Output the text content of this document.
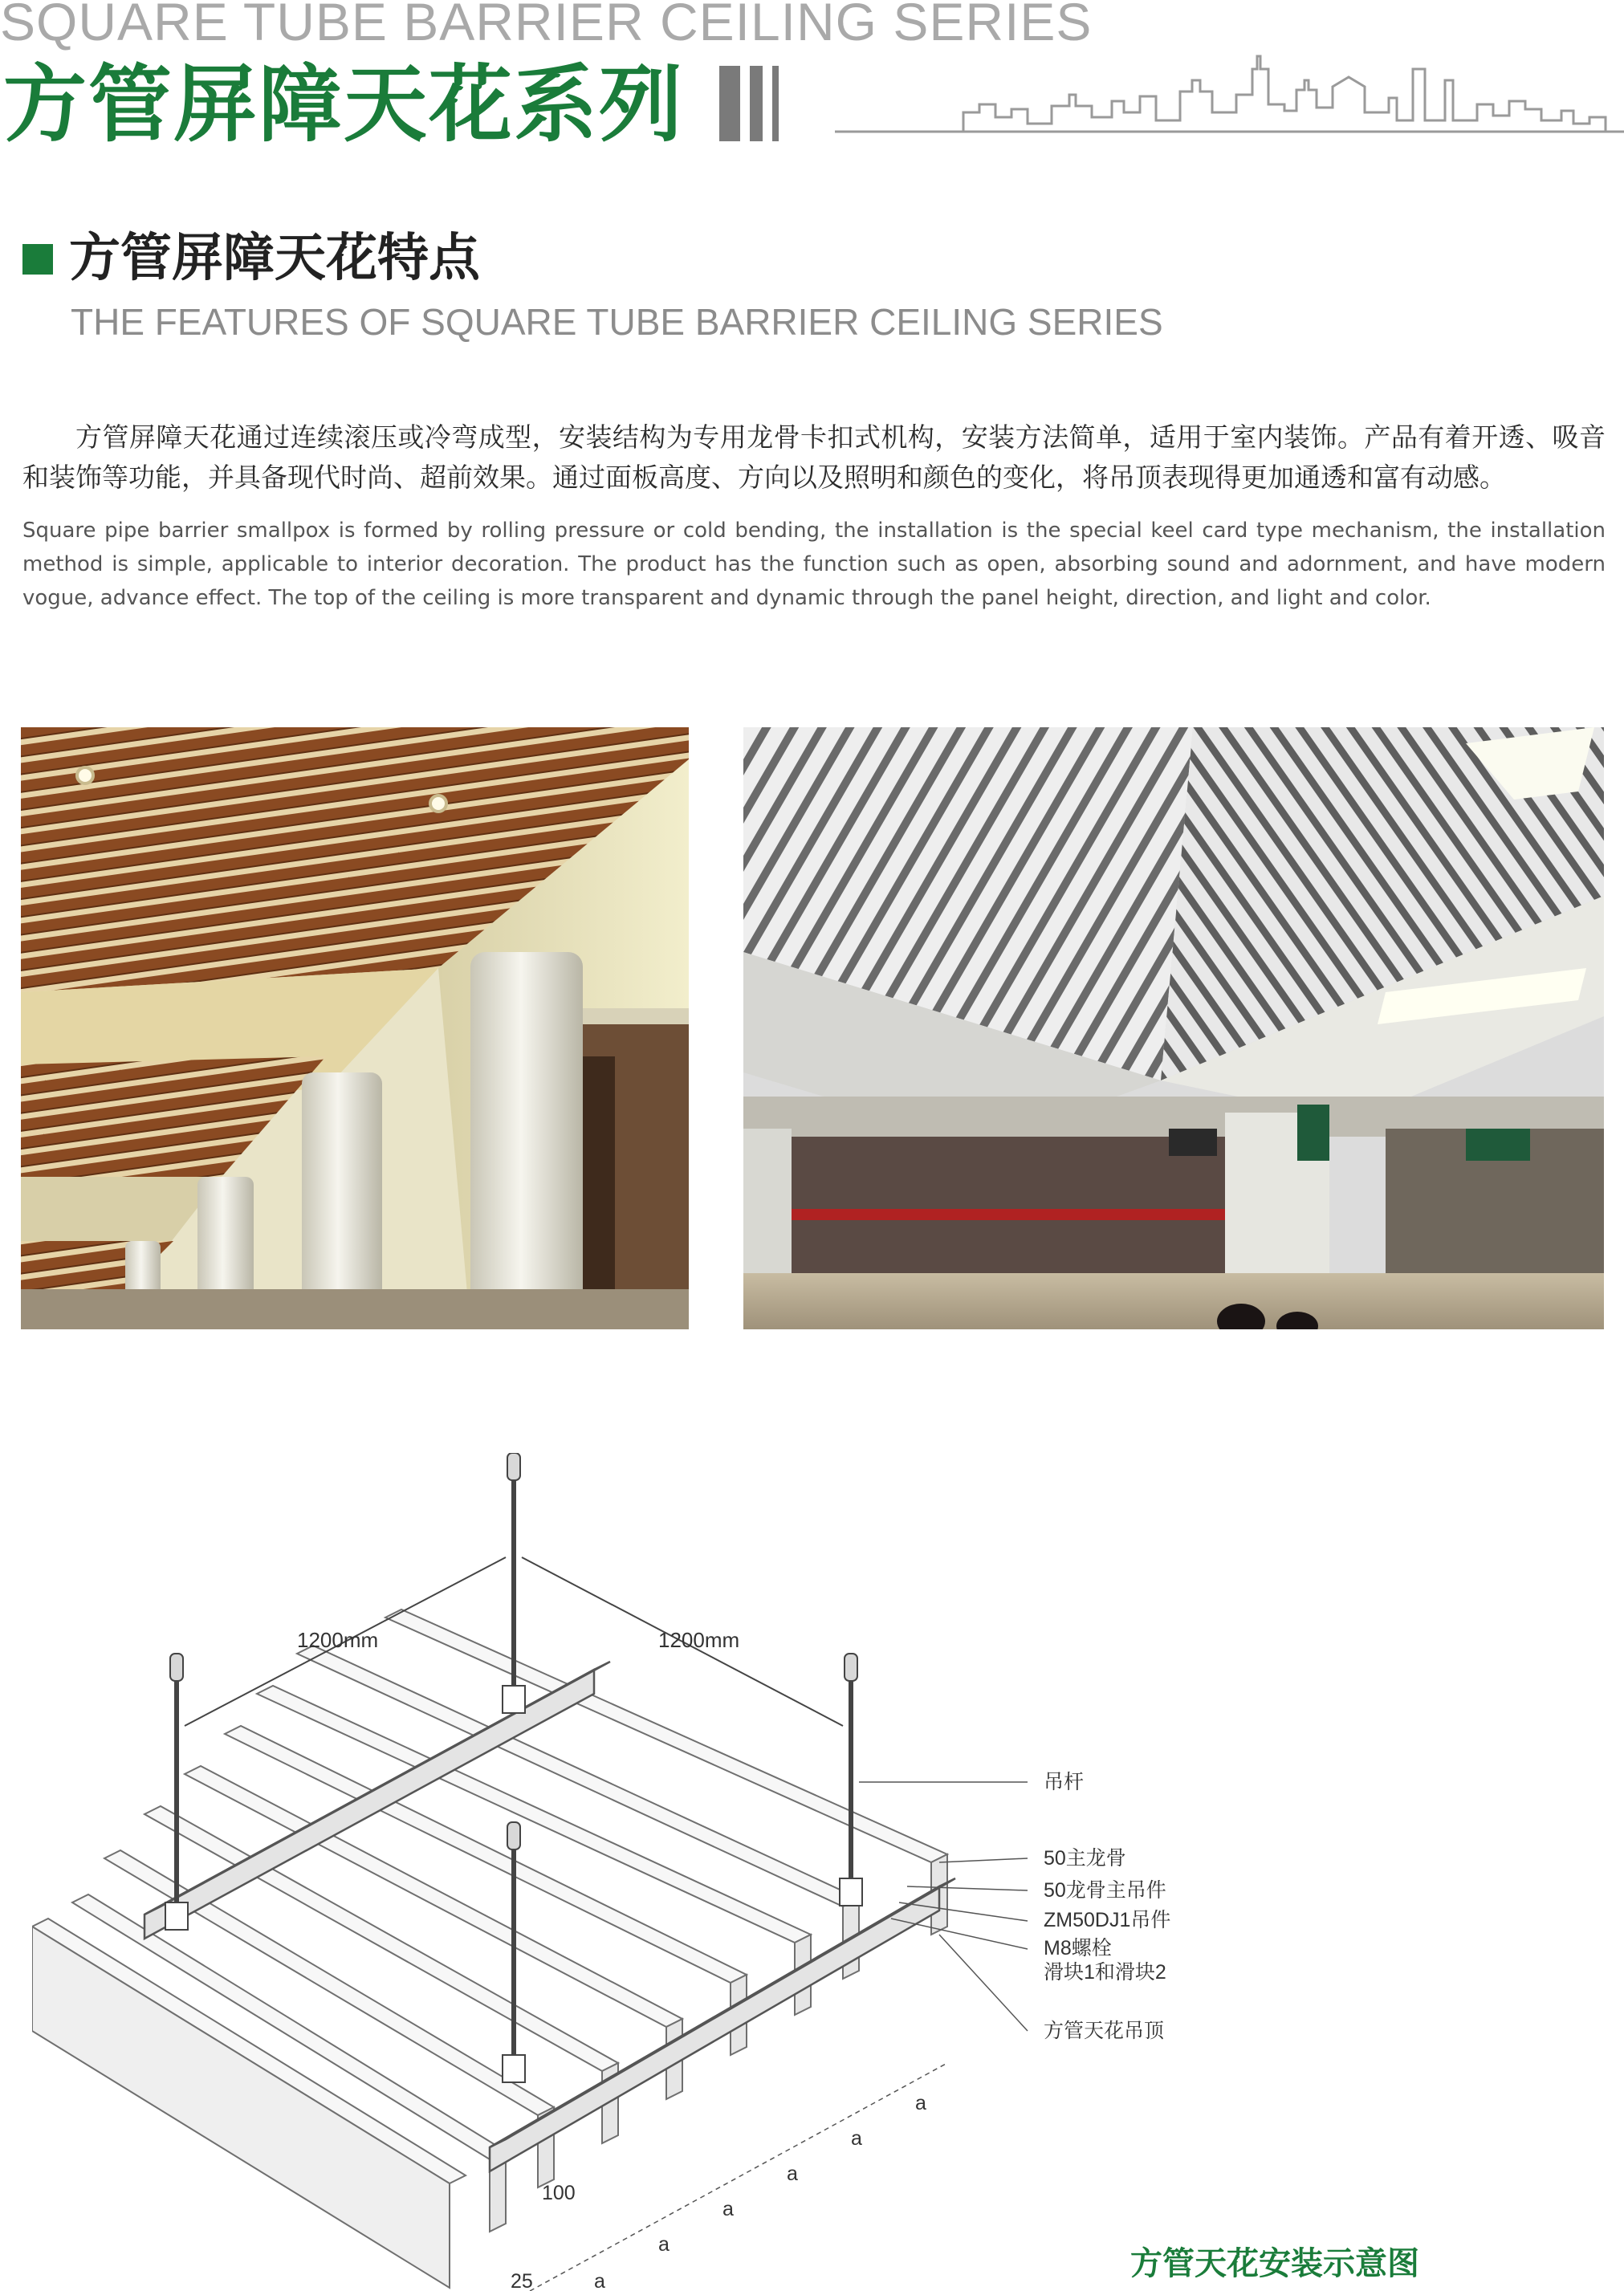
SQUARE TUBE BARRIER CEILING SERIES
方管屏障天花系列
方管屏障天花特点
THE FEATURES OF SQUARE TUBE BARRIER CEILING SERIES
方管屏障天花通过连续滚压或冷弯成型，安装结构为专用龙骨卡扣式机构，安装方法简单，适用于室内装饰。产品有着开透、吸音和装饰等功能，并具备现代时尚、超前效果。通过面板高度、方向以及照明和颜色的变化，将吊顶表现得更加通透和富有动感。
Square pipe barrier smallpox is formed by rolling pressure or cold bending, the installation is the special keel card type mechanism, the installation method is simple, applicable to interior decoration. The product has the function such as open, absorbing sound and adornment, and have modern vogue, advance effect. The top of the ceiling is more transparent and dynamic through the panel height, direction, and light and color.
1200mm	1200mm
吊杆
50主龙骨
50龙骨主吊件
ZM50DJ1吊件
M8螺栓
滑块1和滑块2
方管天花吊顶
a
a
a
a
a
a
100
25	方管天花安装示意图
